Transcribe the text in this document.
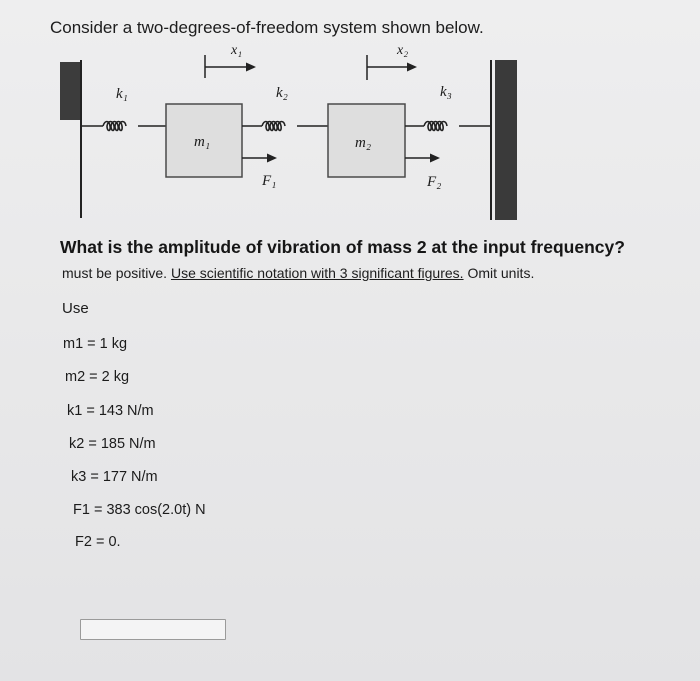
Consider a two-degrees-of-freedom system shown below.
k₁
m₁
k₂
m₂
k₃
x₁	x₂
F₁	F₂
What is the amplitude of vibration of mass 2 at the input frequency?
must be positive. Use scientific notation with 3 significant figures. Omit units.
Use
m1 = 1 kg
m2 = 2 kg
k1 = 143 N/m
k2 = 185 N/m
k3 = 177 N/m
F1 = 383 cos(2.0t) N
F2 = 0.
